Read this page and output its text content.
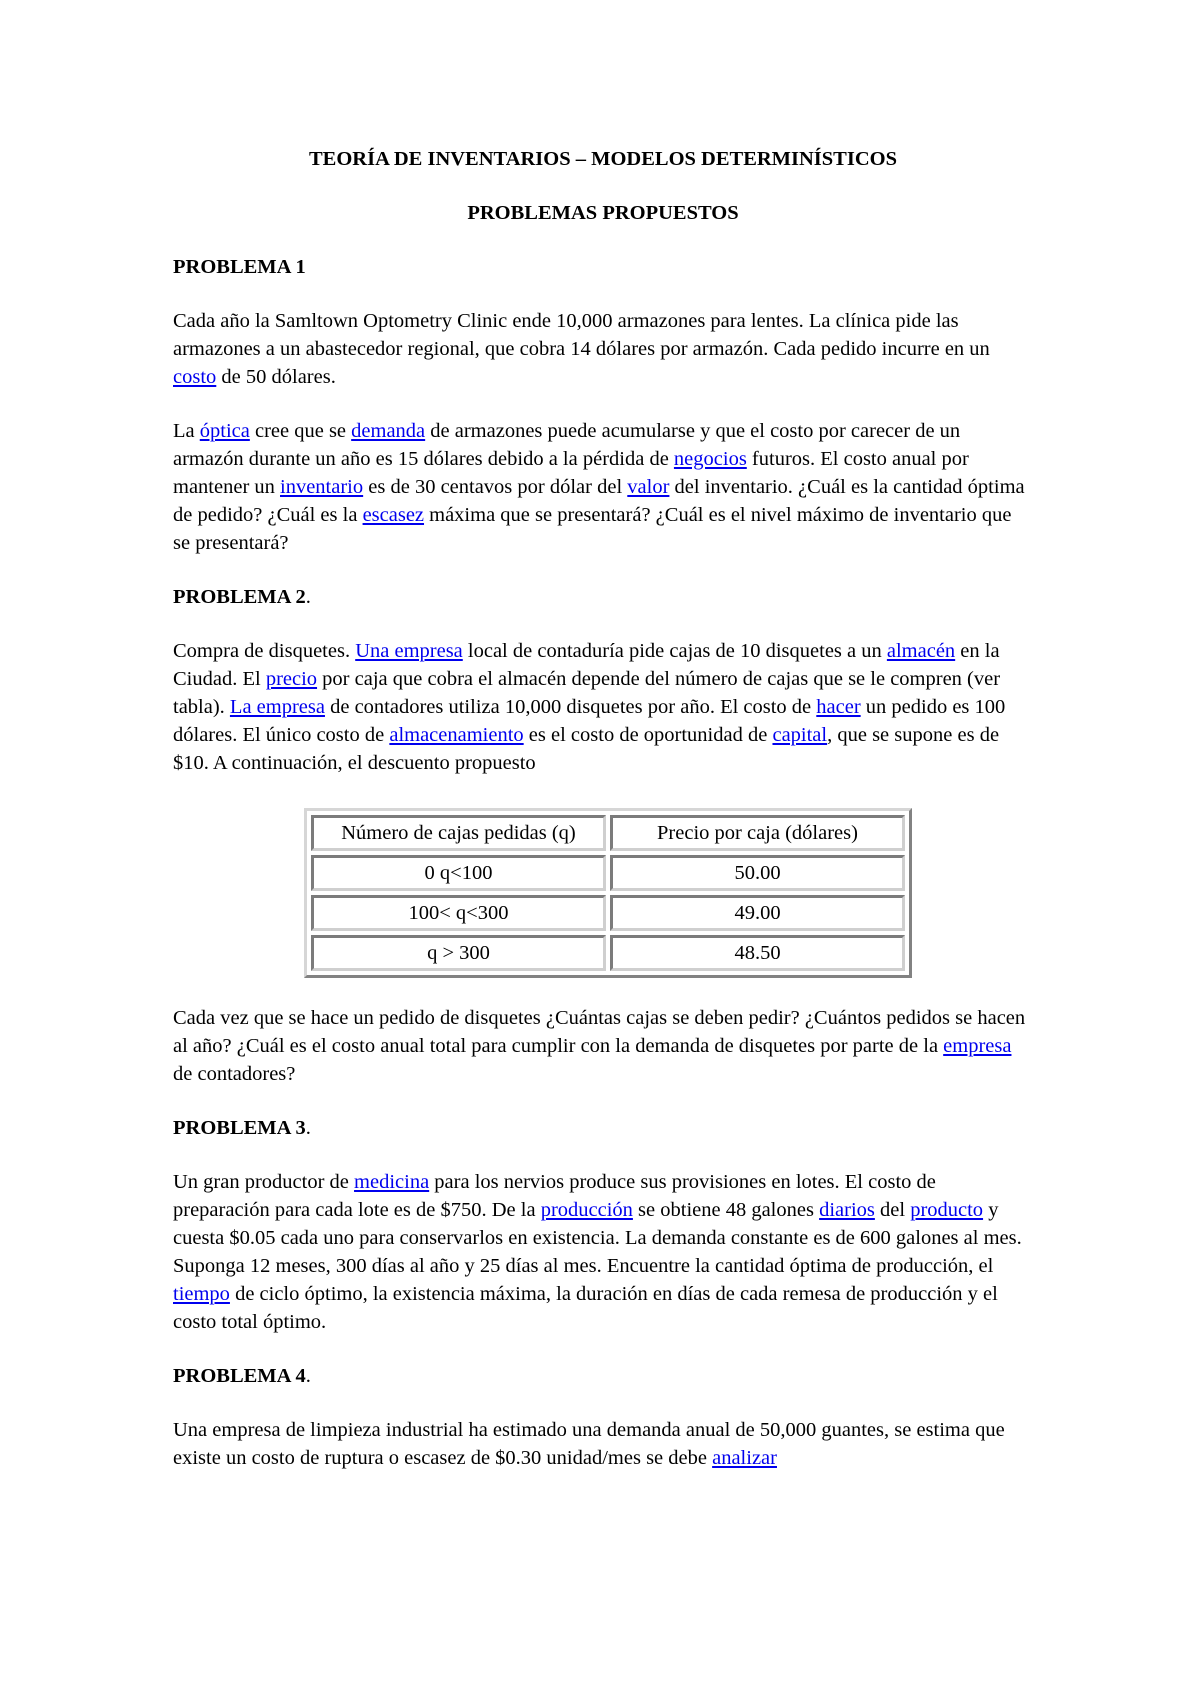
TEORÍA DE INVENTARIOS – MODELOS DETERMINÍSTICOS
PROBLEMAS PROPUESTOS
PROBLEMA 1

Cada año la Samltown Optometry Clinic ende 10,000 armazones para lentes. La clínica pide las armazones a un abastecedor regional, que cobra 14 dólares por armazón. Cada pedido incurre en un costo de 50 dólares.

La óptica cree que se demanda de armazones puede acumularse y que el costo por carecer de un armazón durante un año es 15 dólares debido a la pérdida de negocios futuros. El costo anual por mantener un inventario es de 30 centavos por dólar del valor del inventario. ¿Cuál es la cantidad óptima de pedido? ¿Cuál es la escasez máxima que se presentará? ¿Cuál es el nivel máximo de inventario que se presentará?

PROBLEMA 2.

Compra de disquetes. Una empresa local de contaduría pide cajas de 10 disquetes a un almacén en la Ciudad. El precio por caja que cobra el almacén depende del número de cajas que se le compren (ver tabla). La empresa de contadores utiliza 10,000 disquetes por año. El costo de hacer un pedido es 100 dólares. El único costo de almacenamiento es el costo de oportunidad de capital, que se supone es de $10. A continuación, el descuento propuesto

Número de cajas pedidas (q)	Precio por caja (dólares)
0 q<100	50.00
100< q<300	49.00
q > 300	48.50

Cada vez que se hace un pedido de disquetes ¿Cuántas cajas se deben pedir? ¿Cuántos pedidos se hacen al año? ¿Cuál es el costo anual total para cumplir con la demanda de disquetes por parte de la empresa de contadores?

PROBLEMA 3.

Un gran productor de medicina para los nervios produce sus provisiones en lotes. El costo de preparación para cada lote es de $750. De la producción se obtiene 48 galones diarios del producto y cuesta $0.05 cada uno para conservarlos en existencia. La demanda constante es de 600 galones al mes. Suponga 12 meses, 300 días al año y 25 días al mes. Encuentre la cantidad óptima de producción, el tiempo de ciclo óptimo, la existencia máxima, la duración en días de cada remesa de producción y el costo total óptimo.

PROBLEMA 4.

Una empresa de limpieza industrial ha estimado una demanda anual de 50,000 guantes, se estima que existe un costo de ruptura o escasez de $0.30 unidad/mes se debe analizar
